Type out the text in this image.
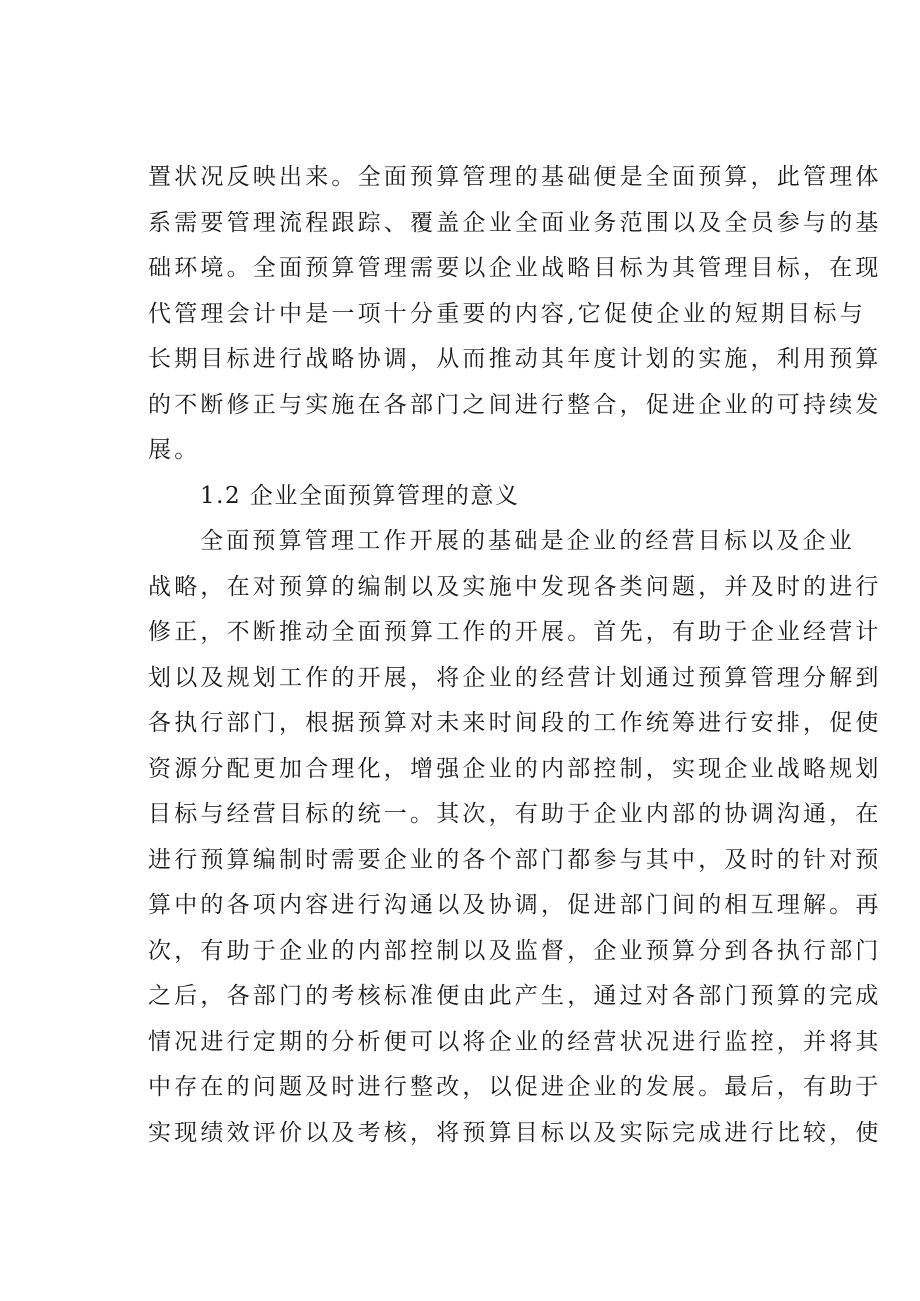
置状况反映出来。全面预算管理的基础便是全面预算，此管理体
系需要管理流程跟踪、覆盖企业全面业务范围以及全员参与的基
础环境。全面预算管理需要以企业战略目标为其管理目标，在现
代管理会计中是一项十分重要的内容,它促使企业的短期目标与
长期目标进行战略协调，从而推动其年度计划的实施，利用预算
的不断修正与实施在各部门之间进行整合，促进企业的可持续发
展。
1.2 企业全面预算管理的意义
全面预算管理工作开展的基础是企业的经营目标以及企业
战略，在对预算的编制以及实施中发现各类问题，并及时的进行
修正，不断推动全面预算工作的开展。首先，有助于企业经营计
划以及规划工作的开展，将企业的经营计划通过预算管理分解到
各执行部门，根据预算对未来时间段的工作统筹进行安排，促使
资源分配更加合理化，增强企业的内部控制，实现企业战略规划
目标与经营目标的统一。其次，有助于企业内部的协调沟通，在
进行预算编制时需要企业的各个部门都参与其中，及时的针对预
算中的各项内容进行沟通以及协调，促进部门间的相互理解。再
次，有助于企业的内部控制以及监督，企业预算分到各执行部门
之后，各部门的考核标准便由此产生，通过对各部门预算的完成
情况进行定期的分析便可以将企业的经营状况进行监控，并将其
中存在的问题及时进行整改，以促进企业的发展。最后，有助于
实现绩效评价以及考核，将预算目标以及实际完成进行比较，使
